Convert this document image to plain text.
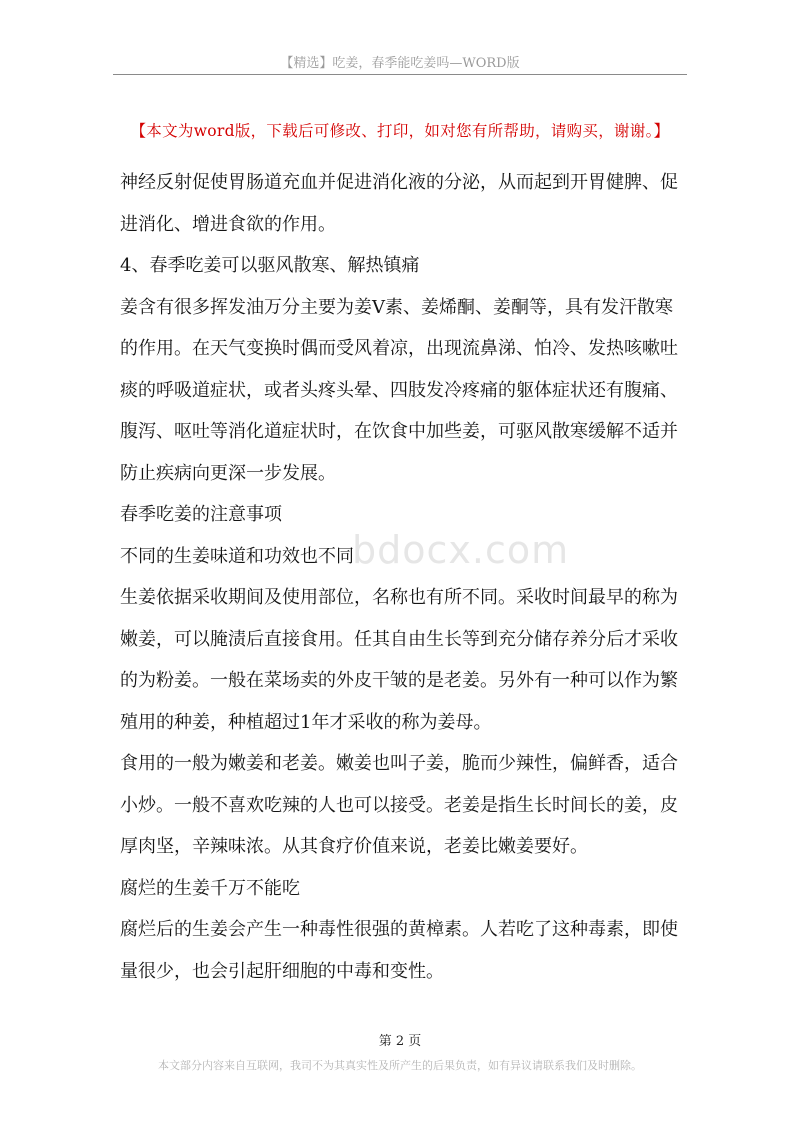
【精选】吃姜，春季能吃姜吗—WORD版
【本文为word版，下载后可修改、打印，如对您有所帮助，请购买，谢谢。】
bdocx.com

神经反射促使胃肠道充血并促进消化液的分泌，从而起到开胃健脾、促进消化、增进食欲的作用。

4、春季吃姜可以驱风散寒、解热镇痛

姜含有很多挥发油万分主要为姜Ⅴ素、姜烯酮、姜酮等，具有发汗散寒的作用。在天气变换时偶而受风着凉，出现流鼻涕、怕冷、发热咳嗽吐痰的呼吸道症状，或者头疼头晕、四肢发冷疼痛的躯体症状还有腹痛、腹泻、呕吐等消化道症状时，在饮食中加些姜，可驱风散寒缓解不适并防止疾病向更深一步发展。

春季吃姜的注意事项

不同的生姜味道和功效也不同

生姜依据采收期间及使用部位，名称也有所不同。采收时间最早的称为嫩姜，可以腌渍后直接食用。任其自由生长等到充分储存养分后才采收的为粉姜。一般在菜场卖的外皮干皱的是老姜。另外有一种可以作为繁殖用的种姜，种植超过1年才采收的称为姜母。

食用的一般为嫩姜和老姜。嫩姜也叫子姜，脆而少辣性，偏鲜香，适合小炒。一般不喜欢吃辣的人也可以接受。老姜是指生长时间长的姜，皮厚肉坚，辛辣味浓。从其食疗价值来说，老姜比嫩姜要好。

腐烂的生姜千万不能吃

腐烂后的生姜会产生一种毒性很强的黄樟素。人若吃了这种毒素，即使量很少，也会引起肝细胞的中毒和变性。

第 2 页
本文部分内容来自互联网，我司不为其真实性及所产生的后果负责，如有异议请联系我们及时删除。
